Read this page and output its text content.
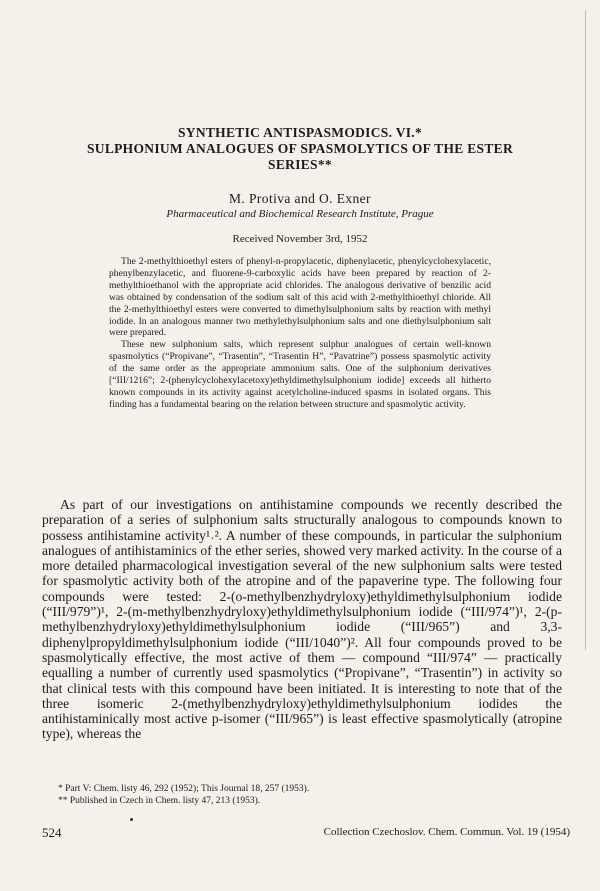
SYNTHETIC ANTISPASMODICS. VI.*
SULPHONIUM ANALOGUES OF SPASMOLYTICS OF THE ESTER
SERIES**

M. Protiva and O. Exner

Pharmaceutical and Biochemical Research Institute, Prague

Received November 3rd, 1952

The 2-methylthioethyl esters of phenyl-n-propylacetic, diphenylacetic, phenylcyclohexylacetic, phenylbenzylacetic, and fluorene-9-carboxylic acids have been prepared by reaction of 2-methylthioethanol with the appropriate acid chlorides. The analogous derivative of benzilic acid was obtained by condensation of the sodium salt of this acid with 2-methylthioethyl chloride. All the 2-methylthioethyl esters were converted to dimethylsulphonium salts by reaction with methyl iodide. In an analogous manner two methylethylsulphonium salts and one diethylsulphonium salt were prepared.

These new sulphonium salts, which represent sulphur analogues of certain well-known spasmolytics (“Propivane”, “Trasentin”, “Trasentin H”, “Pavatrine”) possess spasmolytic activity of the same order as the appropriate ammonium salts. One of the sulphonium derivatives [“III/1216”; 2-(phenylcyclohexylacetoxy)ethyldimethylsulphonium iodide] exceeds all hitherto known compounds in its activity against acetylcholine-induced spasms in isolated organs. This finding has a fundamental bearing on the relation between structure and spasmolytic activity.

As part of our investigations on antihistamine compounds we recently described the preparation of a series of sulphonium salts structurally analogous to compounds known to possess antihistamine activity¹˒². A number of these compounds, in particular the sulphonium analogues of antihistaminics of the ether series, showed very marked activity. In the course of a more detailed pharmacological investigation several of the new sulphonium salts were tested for spasmolytic activity both of the atropine and of the papaverine type. The following four compounds were tested: 2-(o-methylbenzhydryloxy)ethyldimethylsulphonium iodide (“III/979”)¹, 2-(m-methylbenzhydryloxy)ethyldimethylsulphonium iodide (“III/974”)¹, 2-(p-methylbenzhydryloxy)ethyldimethylsulphonium iodide (“III/965”) and 3,3-diphenylpropyldimethylsulphonium iodide (“III/1040”)². All four compounds proved to be spasmolytically effective, the most active of them — compound “III/974” — practically equalling a number of currently used spasmolytics (“Propivane”, “Trasentin”) in activity so that clinical tests with this compound have been initiated. It is interesting to note that of the three isomeric 2-(methylbenzhydryloxy)ethyldimethylsulphonium iodides the antihistaminically most active p-isomer (“III/965”) is least effective spasmolytically (atropine type), whereas the

* Part V: Chem. listy 46, 292 (1952); This Journal 18, 257 (1953).
** Published in Czech in Chem. listy 47, 213 (1953).
524	Collection Czechoslov. Chem. Commun. Vol. 19 (1954)
